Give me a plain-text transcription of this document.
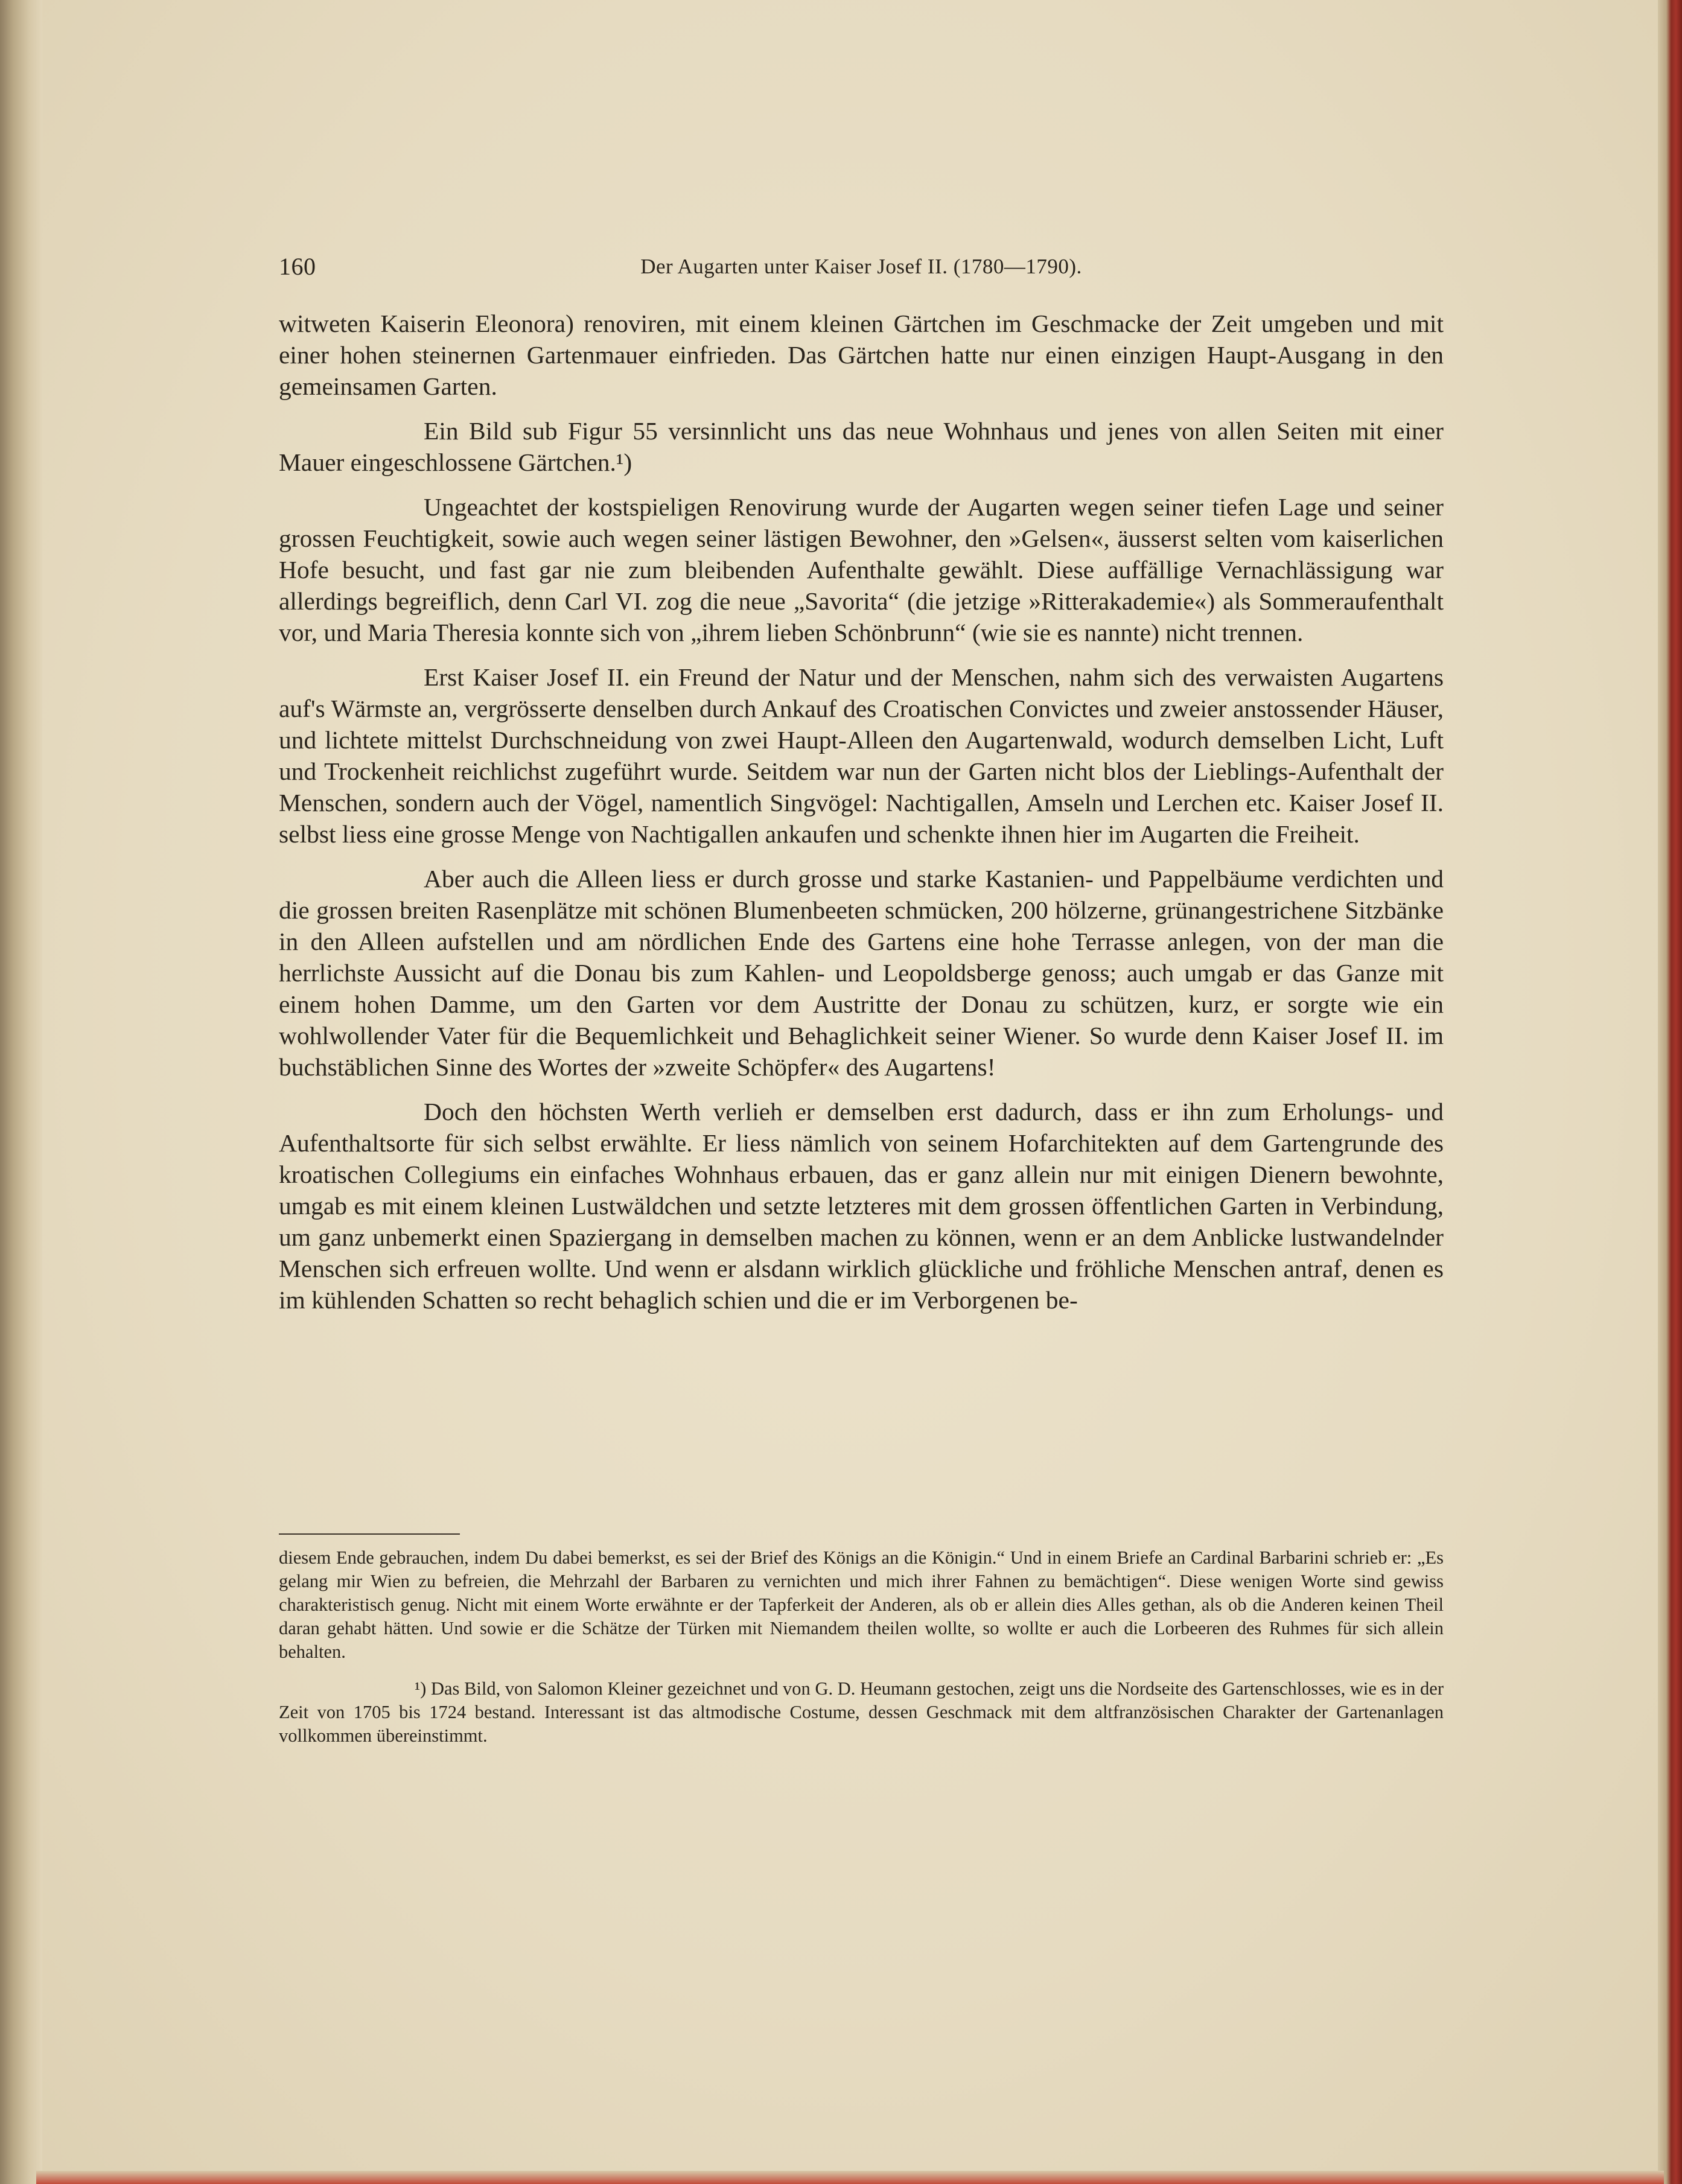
160	Der Augarten unter Kaiser Josef II. (1780—1790).

witweten Kaiserin Eleonora) renoviren, mit einem kleinen Gärtchen im Geschmacke der Zeit umgeben und mit einer hohen steinernen Gartenmauer einfrieden. Das Gärtchen hatte nur einen einzigen Haupt-Ausgang in den gemeinsamen Garten.

Ein Bild sub Figur 55 versinnlicht uns das neue Wohnhaus und jenes von allen Seiten mit einer Mauer eingeschlossene Gärtchen.¹)

Ungeachtet der kostspieligen Renovirung wurde der Augarten wegen seiner tiefen Lage und seiner grossen Feuchtigkeit, sowie auch wegen seiner lästigen Bewohner, den »Gelsen«, äusserst selten vom kaiserlichen Hofe besucht, und fast gar nie zum bleibenden Aufenthalte gewählt. Diese auffällige Vernachlässigung war allerdings begreiflich, denn Carl VI. zog die neue „Savorita“ (die jetzige »Ritterakademie«) als Sommeraufenthalt vor, und Maria Theresia konnte sich von „ihrem lieben Schönbrunn“ (wie sie es nannte) nicht trennen.

Erst Kaiser Josef II. ein Freund der Natur und der Menschen, nahm sich des verwaisten Augartens auf's Wärmste an, vergrösserte denselben durch Ankauf des Croatischen Convictes und zweier anstossender Häuser, und lichtete mittelst Durchschneidung von zwei Haupt-Alleen den Augartenwald, wodurch demselben Licht, Luft und Trockenheit reichlichst zugeführt wurde. Seitdem war nun der Garten nicht blos der Lieblings-Aufenthalt der Menschen, sondern auch der Vögel, namentlich Singvögel: Nachtigallen, Amseln und Lerchen etc. Kaiser Josef II. selbst liess eine grosse Menge von Nachtigallen ankaufen und schenkte ihnen hier im Augarten die Freiheit.

Aber auch die Alleen liess er durch grosse und starke Kastanien- und Pappelbäume verdichten und die grossen breiten Rasenplätze mit schönen Blumenbeeten schmücken, 200 hölzerne, grünangestrichene Sitzbänke in den Alleen aufstellen und am nördlichen Ende des Gartens eine hohe Terrasse anlegen, von der man die herrlichste Aussicht auf die Donau bis zum Kahlen- und Leopoldsberge genoss; auch umgab er das Ganze mit einem hohen Damme, um den Garten vor dem Austritte der Donau zu schützen, kurz, er sorgte wie ein wohlwollender Vater für die Bequemlichkeit und Behaglichkeit seiner Wiener. So wurde denn Kaiser Josef II. im buchstäblichen Sinne des Wortes der »zweite Schöpfer« des Augartens!

Doch den höchsten Werth verlieh er demselben erst dadurch, dass er ihn zum Erholungs- und Aufenthaltsorte für sich selbst erwählte. Er liess nämlich von seinem Hofarchitekten auf dem Gartengrunde des kroatischen Collegiums ein einfaches Wohnhaus erbauen, das er ganz allein nur mit einigen Dienern bewohnte, umgab es mit einem kleinen Lustwäldchen und setzte letzteres mit dem grossen öffentlichen Garten in Verbindung, um ganz unbemerkt einen Spaziergang in demselben machen zu können, wenn er an dem Anblicke lustwandelnder Menschen sich erfreuen wollte. Und wenn er alsdann wirklich glückliche und fröhliche Menschen antraf, denen es im kühlenden Schatten so recht behaglich schien und die er im Verborgenen be-

diesem Ende gebrauchen, indem Du dabei bemerkst, es sei der Brief des Königs an die Königin.“ Und in einem Briefe an Cardinal Barbarini schrieb er: „Es gelang mir Wien zu befreien, die Mehrzahl der Barbaren zu vernichten und mich ihrer Fahnen zu bemächtigen“. Diese wenigen Worte sind gewiss charakteristisch genug. Nicht mit einem Worte erwähnte er der Tapferkeit der Anderen, als ob er allein dies Alles gethan, als ob die Anderen keinen Theil daran gehabt hätten. Und sowie er die Schätze der Türken mit Niemandem theilen wollte, so wollte er auch die Lorbeeren des Ruhmes für sich allein behalten.

¹) Das Bild, von Salomon Kleiner gezeichnet und von G. D. Heumann gestochen, zeigt uns die Nordseite des Gartenschlosses, wie es in der Zeit von 1705 bis 1724 bestand. Interessant ist das altmodische Costume, dessen Geschmack mit dem altfranzösischen Charakter der Gartenanlagen vollkommen übereinstimmt.
